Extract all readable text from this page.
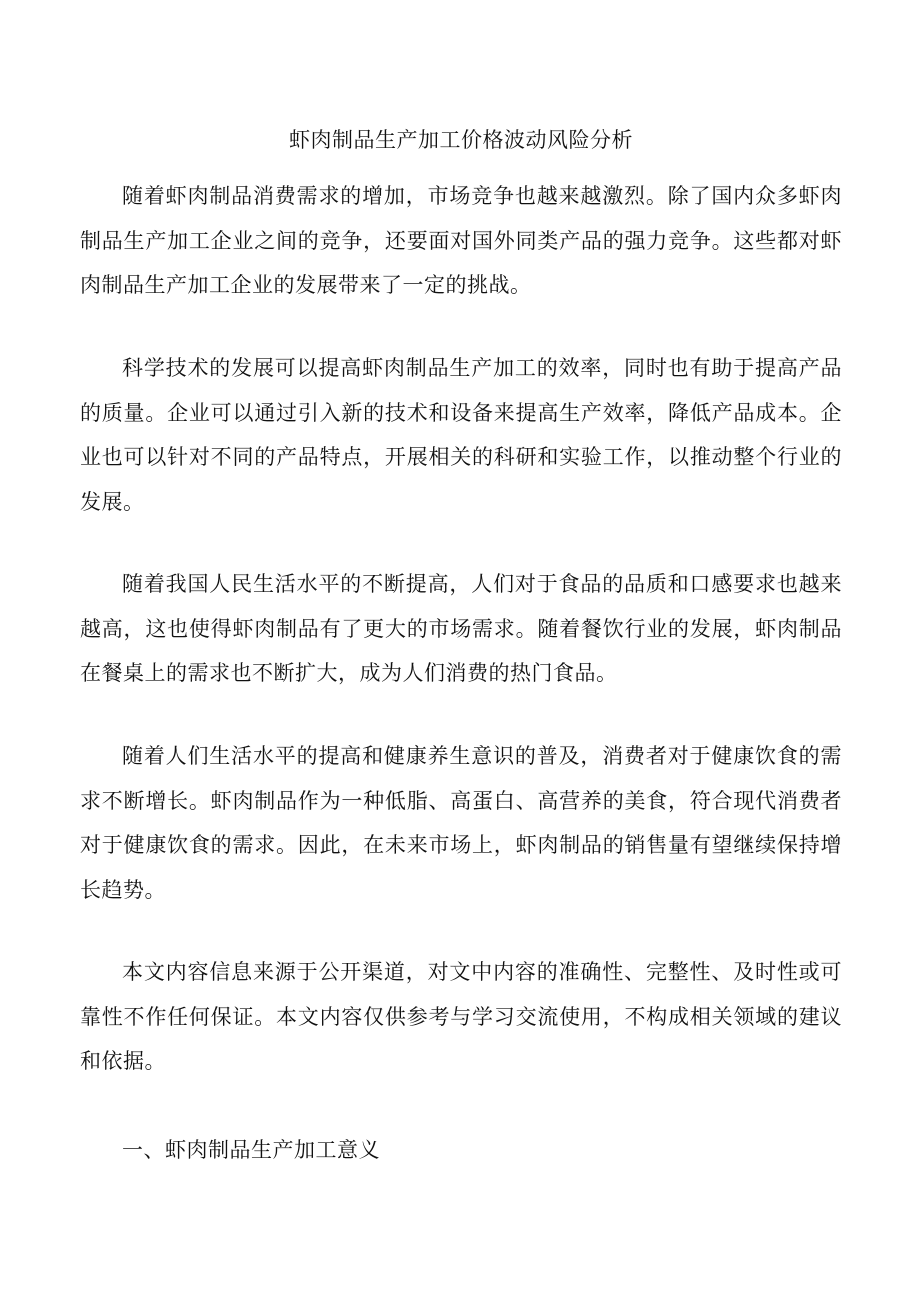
虾肉制品生产加工价格波动风险分析

随着虾肉制品消费需求的增加，市场竞争也越来越激烈。除了国内众多虾肉制品生产加工企业之间的竞争，还要面对国外同类产品的强力竞争。这些都对虾肉制品生产加工企业的发展带来了一定的挑战。

科学技术的发展可以提高虾肉制品生产加工的效率，同时也有助于提高产品的质量。企业可以通过引入新的技术和设备来提高生产效率，降低产品成本。企业也可以针对不同的产品特点，开展相关的科研和实验工作，以推动整个行业的发展。

随着我国人民生活水平的不断提高，人们对于食品的品质和口感要求也越来越高，这也使得虾肉制品有了更大的市场需求。随着餐饮行业的发展，虾肉制品在餐桌上的需求也不断扩大，成为人们消费的热门食品。

随着人们生活水平的提高和健康养生意识的普及，消费者对于健康饮食的需求不断增长。虾肉制品作为一种低脂、高蛋白、高营养的美食，符合现代消费者对于健康饮食的需求。因此，在未来市场上，虾肉制品的销售量有望继续保持增长趋势。

本文内容信息来源于公开渠道，对文中内容的准确性、完整性、及时性或可靠性不作任何保证。本文内容仅供参考与学习交流使用，不构成相关领域的建议和依据。

一、虾肉制品生产加工意义
